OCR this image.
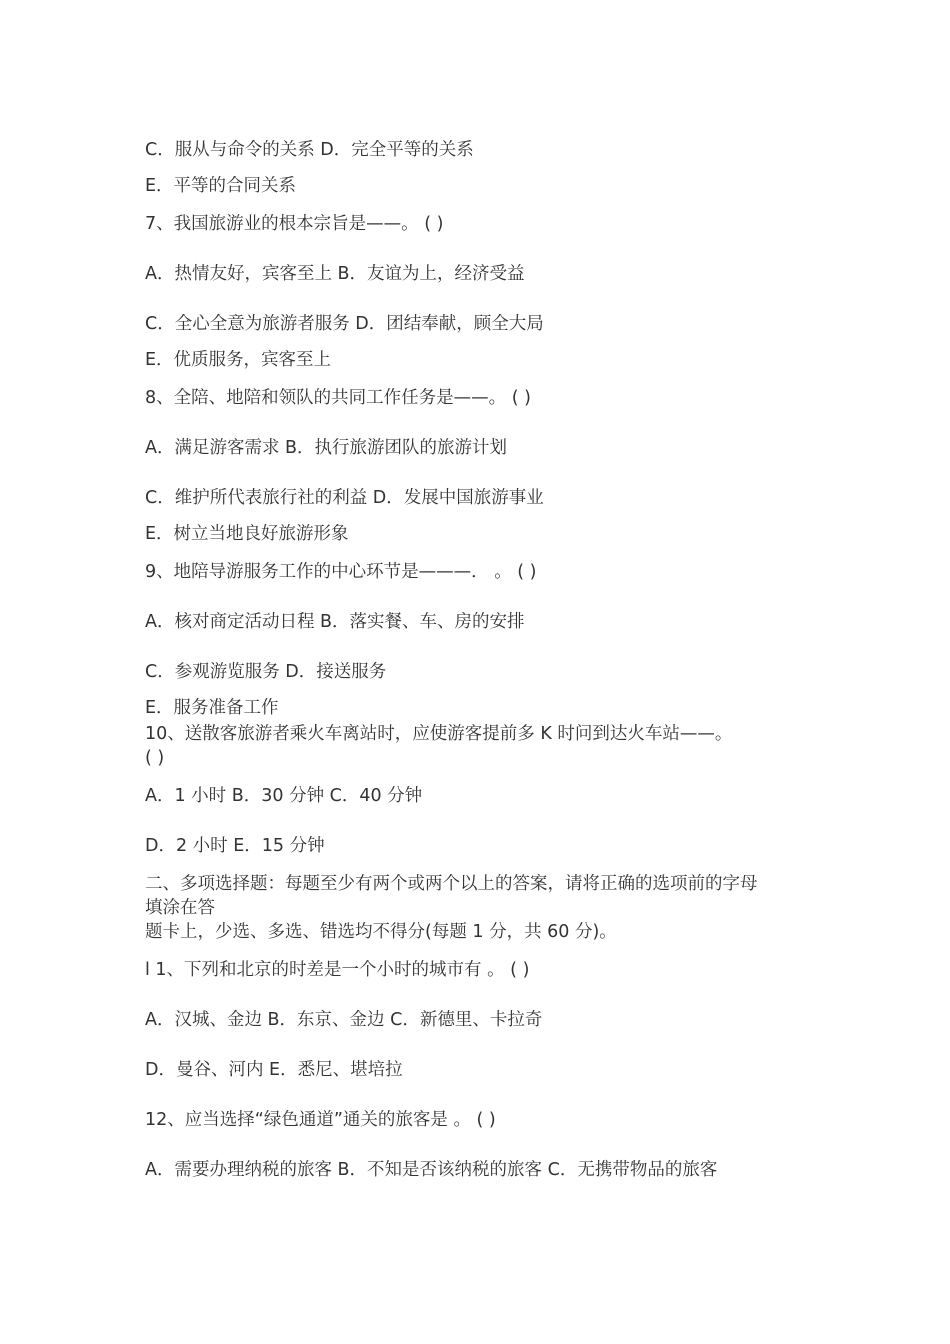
C．服从与命令的关系 D．完全平等的关系
E．平等的合同关系
7、我国旅游业的根本宗旨是——。 ( )
A．热情友好，宾客至上 B．友谊为上，经济受益
C．全心全意为旅游者服务 D．团结奉献，顾全大局
E．优质服务，宾客至上
8、全陪、地陪和领队的共同工作任务是——。 ( )
A．满足游客需求 B．执行旅游团队的旅游计划
C．维护所代表旅行社的利益 D．发展中国旅游事业
E．树立当地良好旅游形象
9、地陪导游服务工作的中心环节是———． 。 ( )
A．核对商定活动日程 B．落实餐、车、房的安排
C．参观游览服务 D．接送服务
E．服务准备工作
10、送散客旅游者乘火车离站时，应使游客提前多 K 时问到达火车站——。
( )
A．1 小时 B．30 分钟 C．40 分钟
D．2 小时 E．15 分钟
二、多项选择题：每题至少有两个或两个以上的答案，请将正确的选项前的字母
填涂在答
题卡上，少选、多选、错选均不得分(每题 1 分，共 60 分)。
l 1、下列和北京的时差是一个小时的城市有 。 ( )
A．汉城、金边 B．东京、金边 C．新德里、卡拉奇
D．曼谷、河内 E．悉尼、堪培拉
12、应当选择“绿色通道”通关的旅客是 。 ( )
A．需要办理纳税的旅客 B．不知是否该纳税的旅客 C．无携带物品的旅客
